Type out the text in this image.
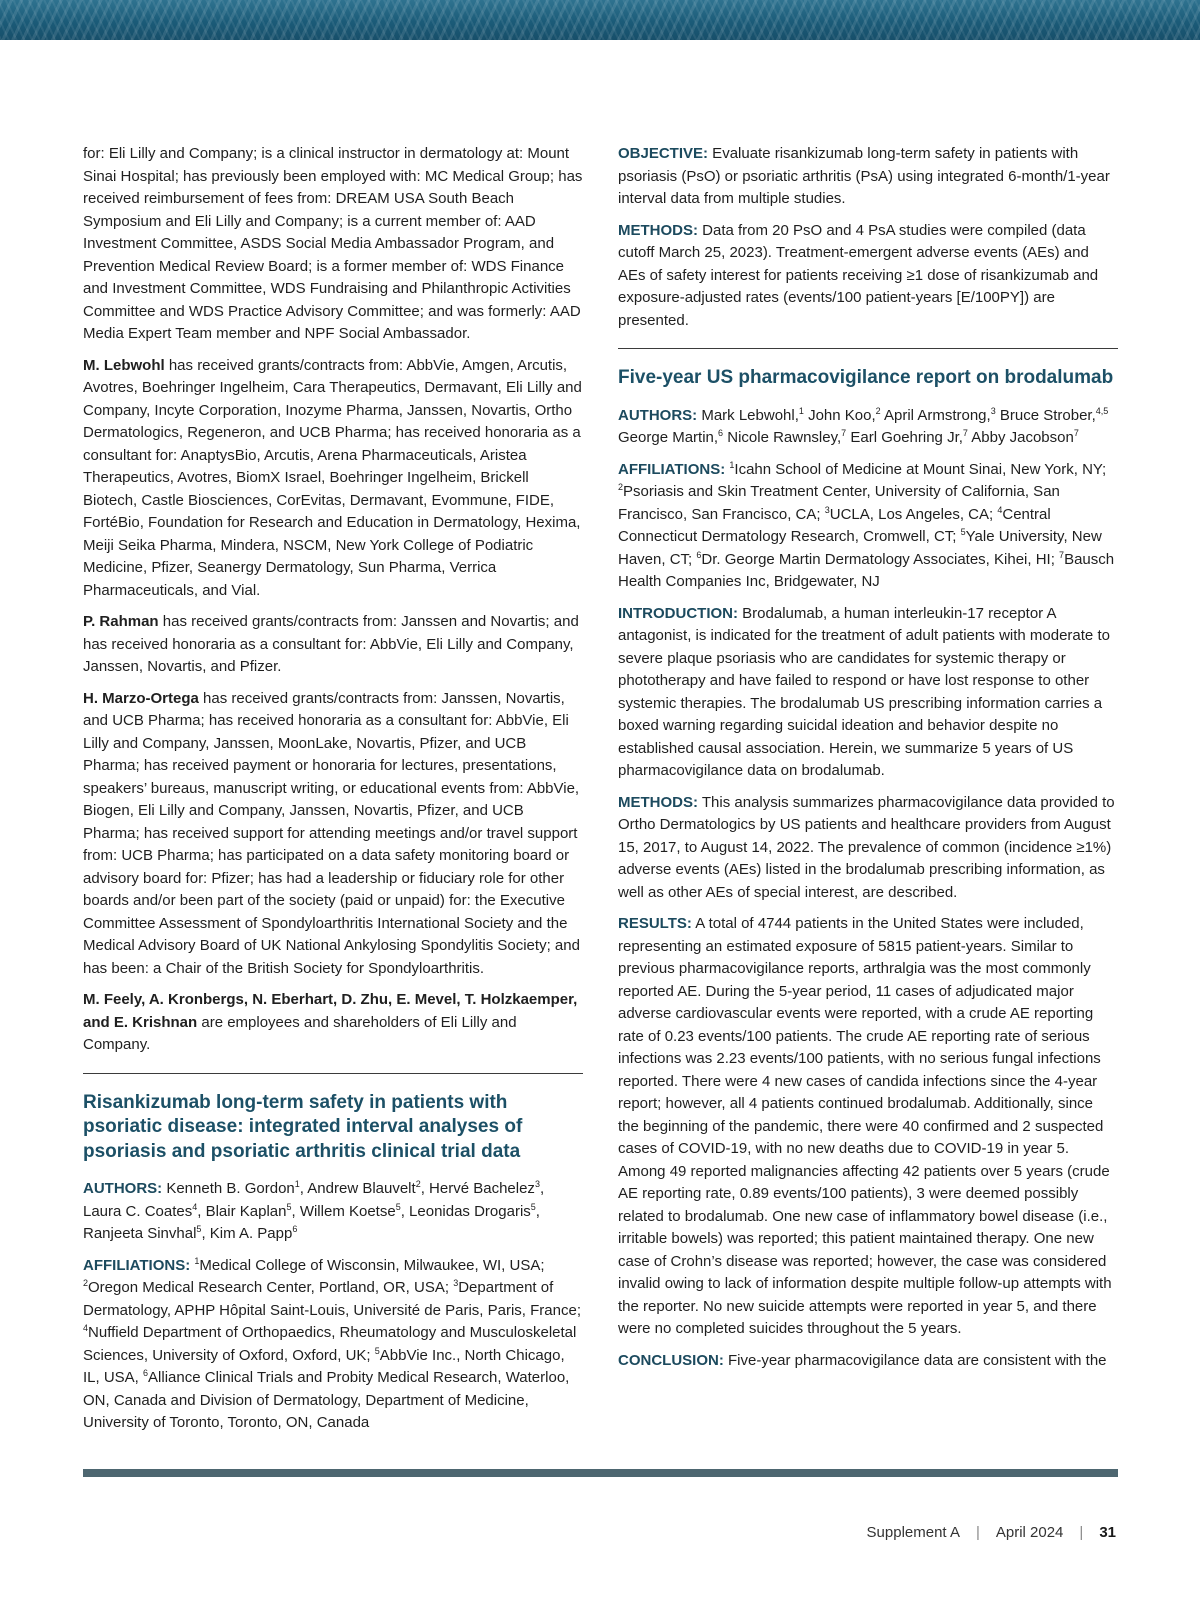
for: Eli Lilly and Company; is a clinical instructor in dermatology at: Mount Sinai Hospital; has previously been employed with: MC Medical Group; has received reimbursement of fees from: DREAM USA South Beach Symposium and Eli Lilly and Company; is a current member of: AAD Investment Committee, ASDS Social Media Ambassador Program, and Prevention Medical Review Board; is a former member of: WDS Finance and Investment Committee, WDS Fundraising and Philanthropic Activities Committee and WDS Practice Advisory Committee; and was formerly: AAD Media Expert Team member and NPF Social Ambassador.

M. Lebwohl has received grants/contracts from: AbbVie, Amgen, Arcutis, Avotres, Boehringer Ingelheim, Cara Therapeutics, Dermavant, Eli Lilly and Company, Incyte Corporation, Inozyme Pharma, Janssen, Novartis, Ortho Dermatologics, Regeneron, and UCB Pharma; has received honoraria as a consultant for: AnaptysBio, Arcutis, Arena Pharmaceuticals, Aristea Therapeutics, Avotres, BiomX Israel, Boehringer Ingelheim, Brickell Biotech, Castle Biosciences, CorEvitas, Dermavant, Evommune, FIDE, FortéBio, Foundation for Research and Education in Dermatology, Hexima, Meiji Seika Pharma, Mindera, NSCM, New York College of Podiatric Medicine, Pfizer, Seanergy Dermatology, Sun Pharma, Verrica Pharmaceuticals, and Vial.

P. Rahman has received grants/contracts from: Janssen and Novartis; and has received honoraria as a consultant for: AbbVie, Eli Lilly and Company, Janssen, Novartis, and Pfizer.

H. Marzo-Ortega has received grants/contracts from: Janssen, Novartis, and UCB Pharma; has received honoraria as a consultant for: AbbVie, Eli Lilly and Company, Janssen, MoonLake, Novartis, Pfizer, and UCB Pharma; has received payment or honoraria for lectures, presentations, speakers’ bureaus, manuscript writing, or educational events from: AbbVie, Biogen, Eli Lilly and Company, Janssen, Novartis, Pfizer, and UCB Pharma; has received support for attending meetings and/or travel support from: UCB Pharma; has participated on a data safety monitoring board or advisory board for: Pfizer; has had a leadership or fiduciary role for other boards and/or been part of the society (paid or unpaid) for: the Executive Committee Assessment of Spondyloarthritis International Society and the Medical Advisory Board of UK National Ankylosing Spondylitis Society; and has been: a Chair of the British Society for Spondyloarthritis.

M. Feely, A. Kronbergs, N. Eberhart, D. Zhu, E. Mevel, T. Holzkaemper, and E. Krishnan are employees and shareholders of Eli Lilly and Company.

Risankizumab long-term safety in patients with psoriatic disease: integrated interval analyses of psoriasis and psoriatic arthritis clinical trial data

AUTHORS: Kenneth B. Gordon$^1$, Andrew Blauvelt$^2$, Hervé Bachelez$^3$, Laura C. Coates$^4$, Blair Kaplan$^5$, Willem Koetse$^5$, Leonidas Drogaris$^5$, Ranjeeta Sinvhal$^5$, Kim A. Papp$^6$

AFFILIATIONS: $^1$Medical College of Wisconsin, Milwaukee, WI, USA; $^2$Oregon Medical Research Center, Portland, OR, USA; $^3$Department of Dermatology, APHP Hôpital Saint-Louis, Université de Paris, Paris, France; $^4$Nuffield Department of Orthopaedics, Rheumatology and Musculoskeletal Sciences, University of Oxford, Oxford, UK; $^5$AbbVie Inc., North Chicago, IL, USA, $^6$Alliance Clinical Trials and Probity Medical Research, Waterloo, ON, Canada and Division of Dermatology, Department of Medicine, University of Toronto, Toronto, ON, Canada

OBJECTIVE: Evaluate risankizumab long-term safety in patients with psoriasis (PsO) or psoriatic arthritis (PsA) using integrated 6-month/1-year interval data from multiple studies.

METHODS: Data from 20 PsO and 4 PsA studies were compiled (data cutoff March 25, 2023). Treatment-emergent adverse events (AEs) and AEs of safety interest for patients receiving ≥1 dose of risankizumab and exposure-adjusted rates (events/100 patient-years [E/100PY]) are presented.

Five-year US pharmacovigilance report on brodalumab

AUTHORS: Mark Lebwohl,$^1$ John Koo,$^2$ April Armstrong,$^3$ Bruce Strober,$^{4,5}$ George Martin,$^6$ Nicole Rawnsley,$^7$ Earl Goehring Jr,$^7$ Abby Jacobson$^7$

AFFILIATIONS: $^1$Icahn School of Medicine at Mount Sinai, New York, NY; $^2$Psoriasis and Skin Treatment Center, University of California, San Francisco, San Francisco, CA; $^3$UCLA, Los Angeles, CA; $^4$Central Connecticut Dermatology Research, Cromwell, CT; $^5$Yale University, New Haven, CT; $^6$Dr. George Martin Dermatology Associates, Kihei, HI; $^7$Bausch Health Companies Inc, Bridgewater, NJ

INTRODUCTION: Brodalumab, a human interleukin-17 receptor A antagonist, is indicated for the treatment of adult patients with moderate to severe plaque psoriasis who are candidates for systemic therapy or phototherapy and have failed to respond or have lost response to other systemic therapies. The brodalumab US prescribing information carries a boxed warning regarding suicidal ideation and behavior despite no established causal association. Herein, we summarize 5 years of US pharmacovigilance data on brodalumab.

METHODS: This analysis summarizes pharmacovigilance data provided to Ortho Dermatologics by US patients and healthcare providers from August 15, 2017, to August 14, 2022. The prevalence of common (incidence ≥1%) adverse events (AEs) listed in the brodalumab prescribing information, as well as other AEs of special interest, are described.

RESULTS: A total of 4744 patients in the United States were included, representing an estimated exposure of 5815 patient-years. Similar to previous pharmacovigilance reports, arthralgia was the most commonly reported AE. During the 5-year period, 11 cases of adjudicated major adverse cardiovascular events were reported, with a crude AE reporting rate of 0.23 events/100 patients. The crude AE reporting rate of serious infections was 2.23 events/100 patients, with no serious fungal infections reported. There were 4 new cases of candida infections since the 4-year report; however, all 4 patients continued brodalumab. Additionally, since the beginning of the pandemic, there were 40 confirmed and 2 suspected cases of COVID-19, with no new deaths due to COVID-19 in year 5. Among 49 reported malignancies affecting 42 patients over 5 years (crude AE reporting rate, 0.89 events/100 patients), 3 were deemed possibly related to brodalumab. One new case of inflammatory bowel disease (i.e., irritable bowels) was reported; this patient maintained therapy. One new case of Crohn’s disease was reported; however, the case was considered invalid owing to lack of information despite multiple follow-up attempts with the reporter. No new suicide attempts were reported in year 5, and there were no completed suicides throughout the 5 years.

CONCLUSION: Five-year pharmacovigilance data are consistent with the

Supplement A | April 2024 | 31
